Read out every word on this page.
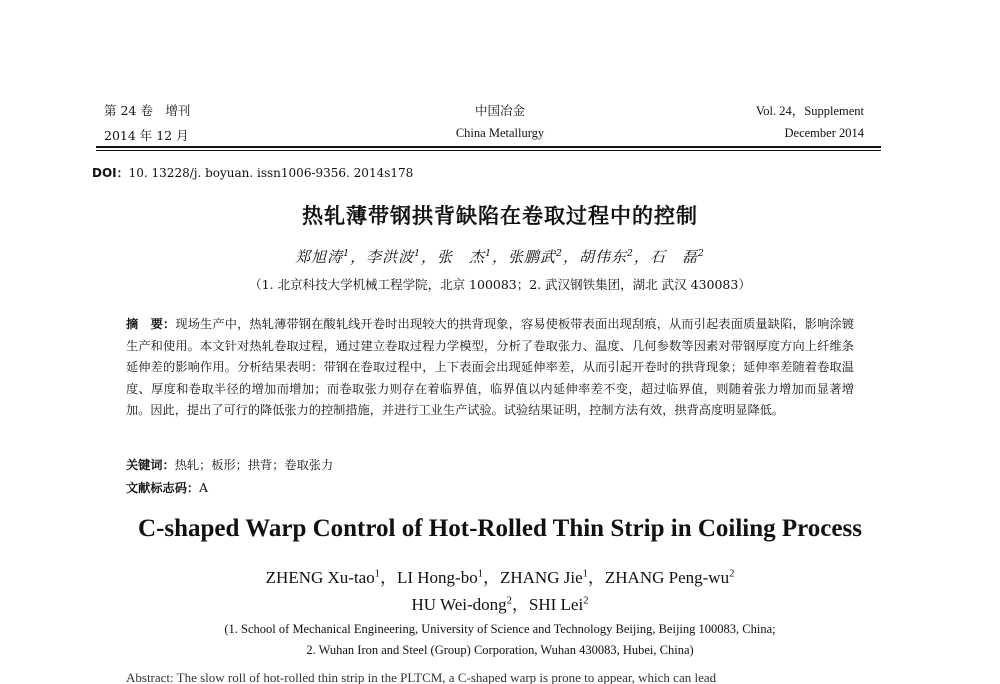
第 24 卷　增刊
2014 年 12 月
中国冶金
China Metallurgy
Vol. 24，Supplement
December 2014
DOI：10. 13228/j. boyuan. issn1006-9356. 2014s178
热轧薄带钢拱背缺陷在卷取过程中的控制
郑旭涛$^1$，李洪波$^1$，张　杰$^1$，张鹏武$^2$，胡伟东$^2$，石　磊$^2$
（1. 北京科技大学机械工程学院，北京 100083；2. 武汉钢铁集团，湖北 武汉 430083）
摘　要：现场生产中，热轧薄带钢在酸轧线开卷时出现较大的拱背现象，容易使板带表面出现刮痕，从而引起表面质量缺陷，影响涂镀生产和使用。本文针对热轧卷取过程，通过建立卷取过程力学模型，分析了卷取张力、温度、几何参数等因素对带钢厚度方向上纤维条延伸差的影响作用。分析结果表明：带钢在卷取过程中，上下表面会出现延伸率差，从而引起开卷时的拱背现象；延伸率差随着卷取温度、厚度和卷取半径的增加而增加；而卷取张力则存在着临界值，临界值以内延伸率差不变，超过临界值，则随着张力增加而显著增加。因此，提出了可行的降低张力的控制措施，并进行工业生产试验。试验结果证明，控制方法有效，拱背高度明显降低。
关键词：热轧；板形；拱背；卷取张力
文献标志码：A
C-shaped Warp Control of Hot-Rolled Thin Strip in Coiling Process
ZHENG Xu-tao$^1$，LI Hong-$bo^1$，ZHANG Jie$^1$，ZHANG Peng-$wu^2$
HU Wei-dong$^2$，SHI Lei$^2$
(1. School of Mechanical Engineering, University of Science and Technology Beijing, Beijing 100083, China;
2. Wuhan Iron and Steel (Group) Corporation, Wuhan 430083, Hubei, China)
Abstract: The slow roll of hot-rolled thin strip in the PLTCM, a C-shaped warp is prone to appear, which can lead
